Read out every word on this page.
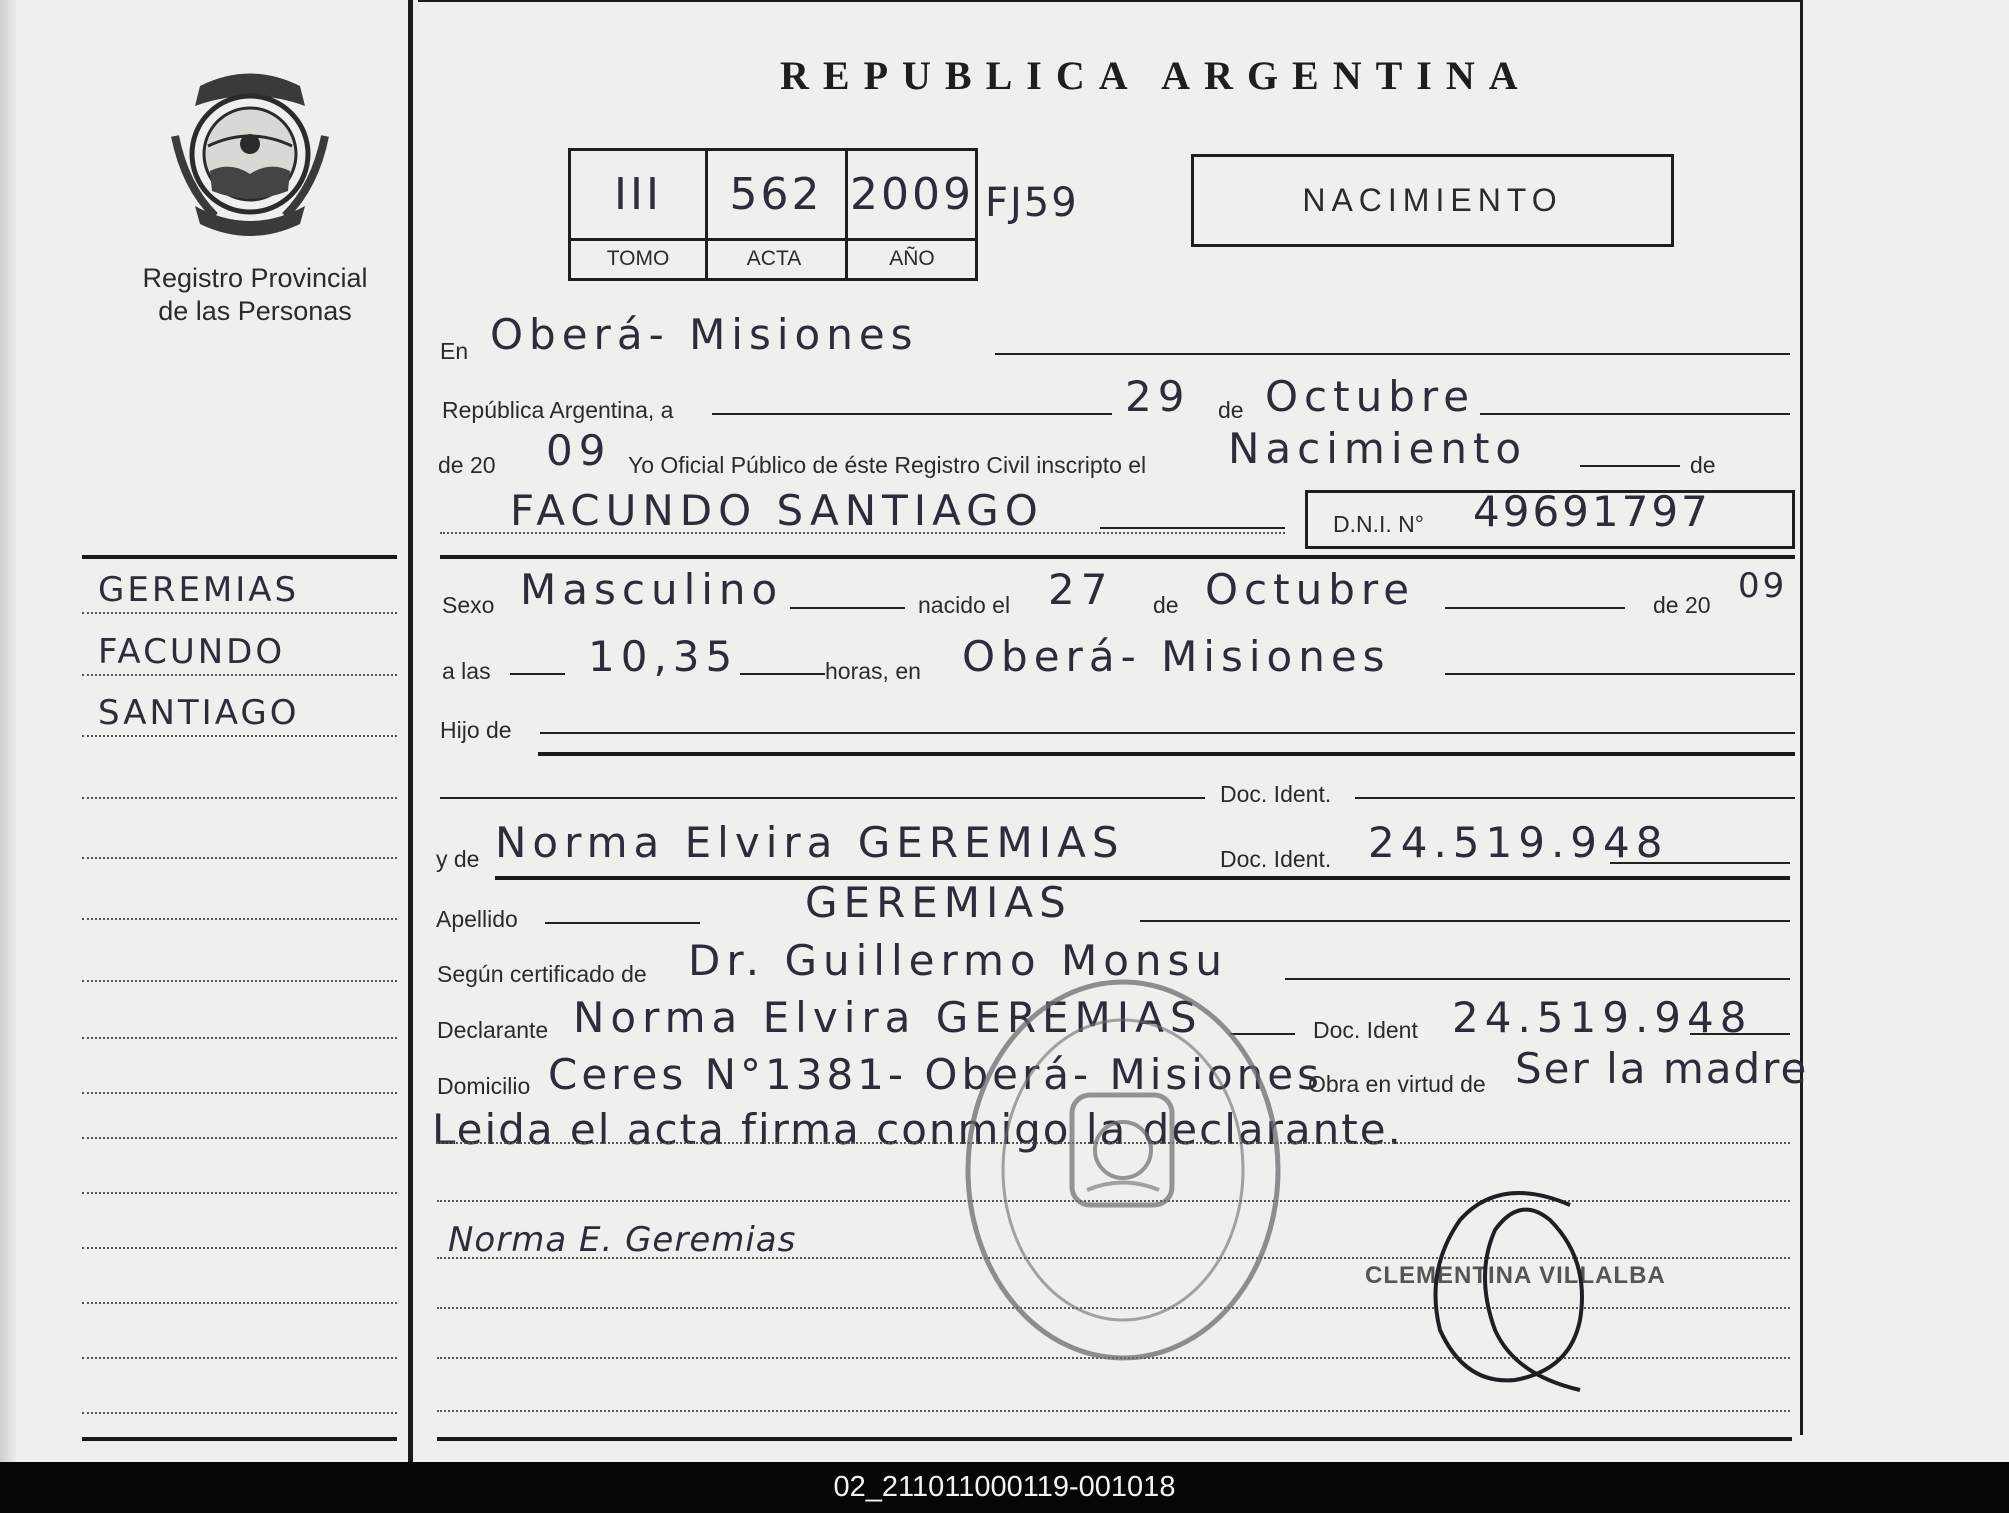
Registro Provincial
de las Personas
GEREMIAS
FACUNDO
SANTIAGO
REPUBLICA ARGENTINA
III	562 2009
TOMO	ACTA	AÑO
FJ59	NACIMIENTO
En Oberá- Misiones
República Argentina, a	29 de Octubre
de 20 09 Yo Oficial Público de éste Registro Civil inscripto el Nacimiento	de
FACUNDO SANTIAGO	D.N.I. N° 49691797
Sexo Masculino	nacido el 27 de Octubre	de 20 09
a las 10,35	horas, en Oberá- Misiones
Hijo de
Doc. Ident.
y de Norma Elvira GEREMIAS	Doc. Ident. 24.519.948
Apellido	GEREMIAS
Según certificado de Dr. Guillermo Monsu
Declarante Norma Elvira GEREMIAS	Doc. Ident 24.519.948
Domicilio Ceres N°1381- Oberá- Misiones
Obra en virtud de Ser la madre
Leida el acta firma conmigo la declarante.
Norma E. Geremias
CLEMENTINA VILLALBA
02_211011000119-001018
